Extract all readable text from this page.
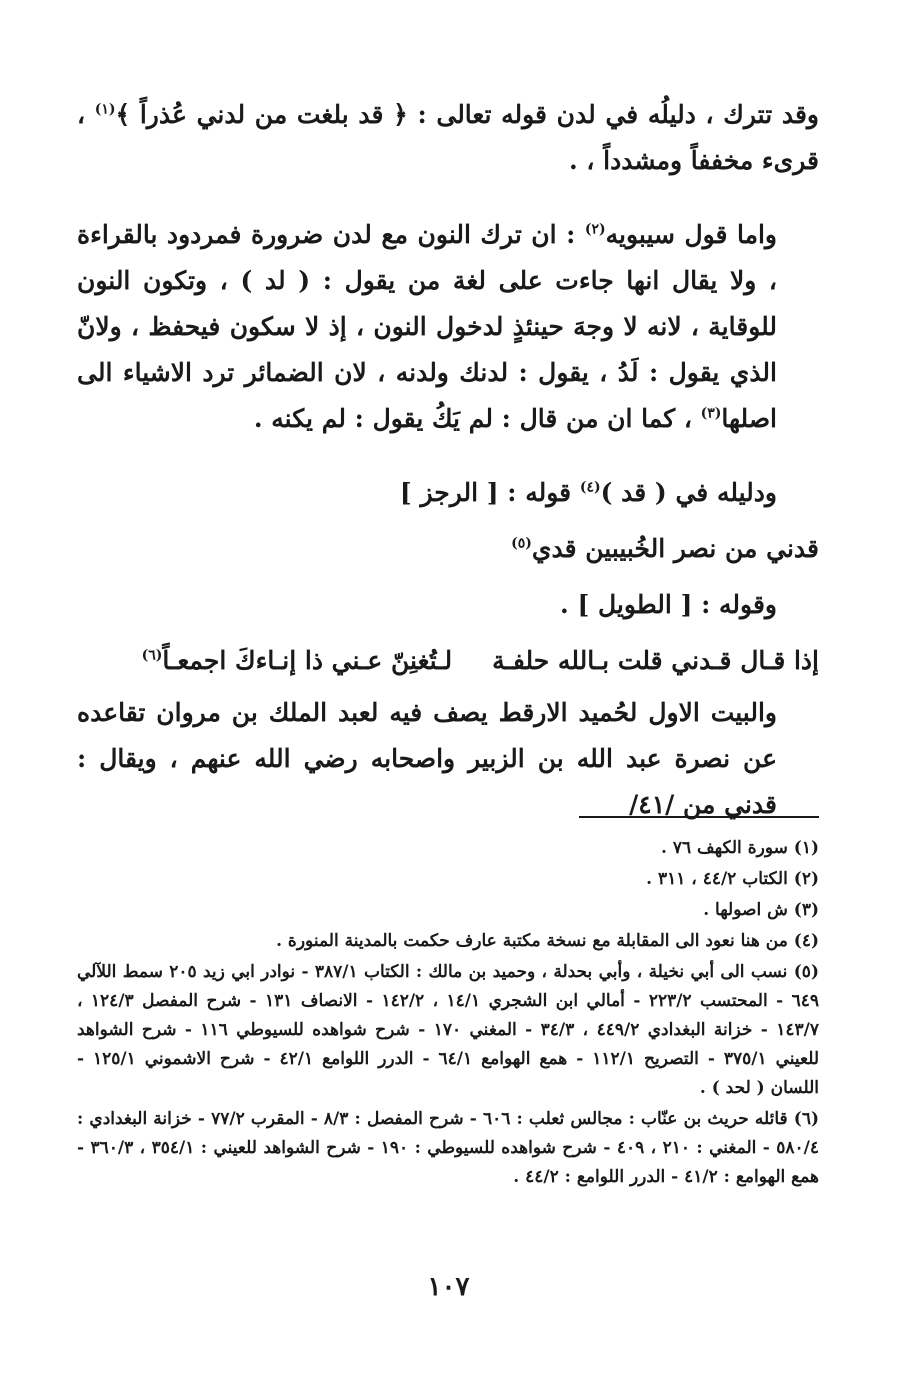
وقد تترك ، دليلُه في لدن قوله تعالى : ﴿ قد بلغت من لدني عُذراً ﴾$^{(١)}$ ، قرىء مخففاً ومشدداً ، .

واما قول سيبويه$^{(٢)}$ : ان ترك النون مع لدن ضرورة فمردود بالقراءة ، ولا يقال انها جاءت على لغة من يقول : ( لد ) ، وتكون النون للوقاية ، لانه لا وجهَ حينئذٍ لدخول النون ، إذ لا سكون فيحفظ ، ولانّ الذي يقول : لَدُ ، يقول : لدنك ولدنه ، لان الضمائر ترد الاشياء الى اصلها$^{(٣)}$ ، كما ان من قال : لم يَكُ يقول : لم يكنه .

ودليله في ( قد )$^{(٤)}$ قوله : [ الرجز ]

قدني من نصر الخُبيبين قدي$^{(٥)}$

وقوله : [ الطويل ] .

إذا قـال قـدني قلت بـالله حلفـة
لـتُغنِنّ عـني ذا إنـاءكَ اجمعـاً$^{(٦)}$

والبيت الاول لحُميد الارقط يصف فيه لعبد الملك بن مروان تقاعده عن نصرة عبد الله بن الزبير واصحابه رضي الله عنهم ، ويقال : قدني من /٤١/

(١) سورة الكهف ٧٦ .
(٢) الكتاب ٤٤/٢ ، ٣١١ .
(٣) ش اصولها .
(٤) من هنا نعود الى المقابلة مع نسخة مكتبة عارف حكمت بالمدينة المنورة .
(٥) نسب الى أبي نخيلة ، وأبي بحدلة ، وحميد بن مالك : الكتاب ٣٨٧/١ - نوادر ابي زيد ٢٠٥ سمط اللآلي ٦٤٩ - المحتسب ٢٢٣/٢ - أمالي ابن الشجري ١٤/١ ، ١٤٢/٢ - الانصاف ١٣١ - شرح المفصل ١٢٤/٣ ، ١٤٣/٧ - خزانة البغدادي ٤٤٩/٢ ، ٣٤/٣ - المغني ١٧٠ - شرح شواهده للسيوطي ١١٦ - شرح الشواهد للعيني ٣٧٥/١ - التصريح ١١٢/١ - همع الهوامع ٦٤/١ - الدرر اللوامع ٤٢/١ - شرح الاشموني ١٢٥/١ - اللسان ( لحد ) .
(٦) قائله حريث بن عنّاب : مجالس ثعلب : ٦٠٦ - شرح المفصل : ٨/٣ - المقرب ٧٧/٢ - خزانة البغدادي : ٥٨٠/٤ - المغني : ٢١٠ ، ٤٠٩ - شرح شواهده للسيوطي : ١٩٠ - شرح الشواهد للعيني : ٣٥٤/١ ، ٣٦٠/٣ - همع الهوامع : ٤١/٢ - الدرر اللوامع : ٤٤/٢ .
١٠٧
